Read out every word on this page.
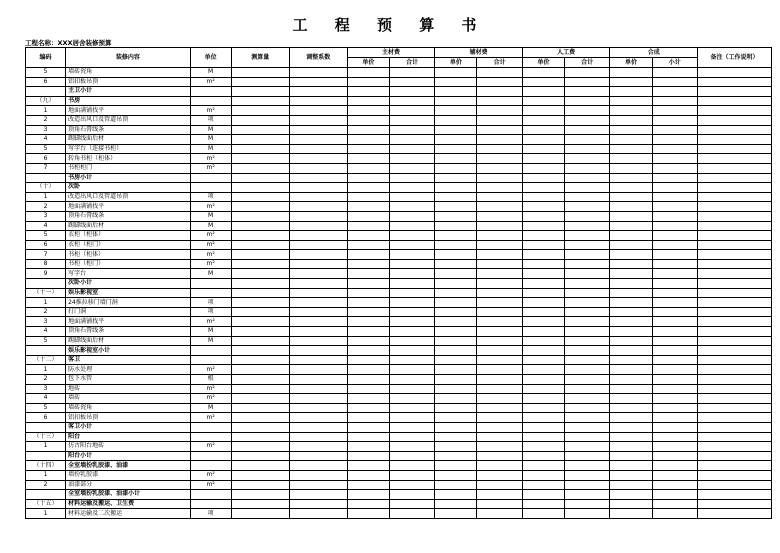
工 程 预 算 书
工程名称：XXX居舍装修预算
编码	装修内容	单位	测算量	调整系数	主材费		辅材费		人工费		合成		备注（工作说明）
					单价	合计	单价	合计	单价	合计	单价	小计	
5	墙砖瓷角	M											
6	铝扣板吊顶	m²											
	主卫小计												
（九）	书房												
1	地面满铺找平	m²											
2	改造出风口及管道吊顶	项											
3	顶角石膏线条	M											
4	踢脚线面后材	M											
5	写字台（连接书柜）	M											
6	转角书柜（柜体）	m²											
7	书柜柜门	m²											
	书房小计												
（十）	次卧												
1	改造出风口及管道吊顶	项											
2	地面满铺找平	m²											
3	顶角石膏线条	M											
4	踢脚线面后材	M											
5	衣柜（柜体）	m²											
6	衣柜（柜门）	m²											
7	书柜（柜体）	m²											
8	书柜（柜门）	m²											
9	写字台	M											
	次卧小计												
（十一）	娱乐影视室												
1	24推拉移门墙门洞	项											
2	打门洞	项											
3	地面满铺找平	m²											
4	顶角石膏线条	M											
5	踢脚线面后材	M											
	娱乐影视室小计												
（十二）	客卫												
1	防水处理	m²											
2	包下水管	根											
3	地砖	m²											
4	墙砖	m²											
5	墙砖瓷角	M											
6	铝扣板吊顶	m²											
	客卫小计												
（十三）	阳台												
1	仿古阳台地砖	m²											
	阳台小计												
（十四）	全室墙扮乳胶漆、油漆												
1	墙扮乳胶漆	m²											
2	油漆部分	m²											
	全室墙扮乳胶漆、油漆小计												
（十五）	材料运输及搬运、卫生费												
1	材料运输及二次搬运	项											
